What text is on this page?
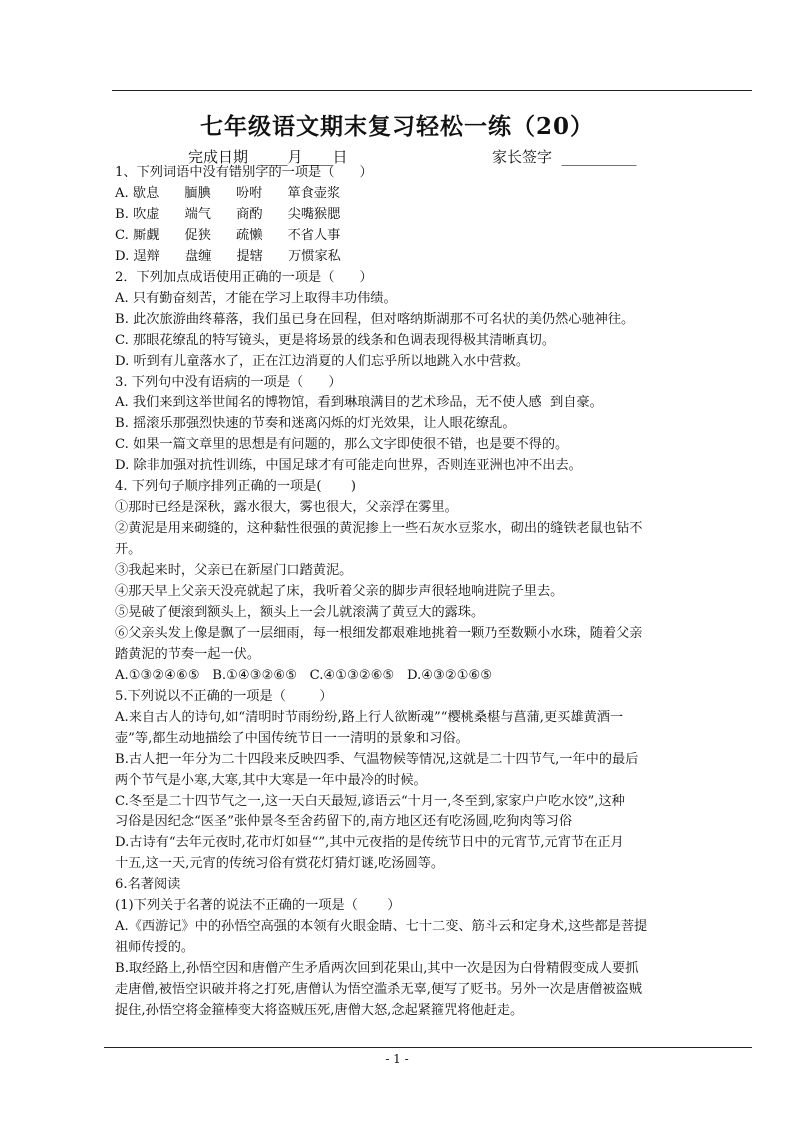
七年级语文期末复习轻松一练（20）
完成日期  ____月____日	家长签字  __________
1、下列词语中没有错别字的一项是（      ）
A. 歇息      腼腆      吩咐      箪食壶浆
B. 吹虚      端气      商酌      尖嘴猴腮
C. 厮觑      促狭      疏懒      不省人事
D. 逞辩      盘缠      提辖      万惯家私
2．下列加点成语使用正确的一项是（      ）
A. 只有勤奋刻苦，才能在学习上取得丰功伟绩。
B. 此次旅游曲终幕落，我们虽已身在回程，但对喀纳斯湖那不可名状的美仍然心驰神往。
C. 那眼花缭乱的特写镜头，更是将场景的线条和色调表现得极其清晰真切。
D. 听到有儿童落水了，正在江边消夏的人们忘乎所以地跳入水中营救。
3. 下列句中没有语病的一项是（      ）
A. 我们来到这举世闻名的博物馆，看到琳琅满目的艺术珍品，无不使人感  到自豪。
B. 摇滚乐那强烈快速的节奏和迷离闪烁的灯光效果，让人眼花缭乱。
C. 如果一篇文章里的思想是有问题的，那么文字即使很不错，也是要不得的。
D. 除非加强对抗性训练，中国足球才有可能走向世界，否则连亚洲也冲不出去。
4. 下列句子顺序排列正确的一项是(       )
①那时已经是深秋，露水很大，雾也很大，父亲浮在雾里。
②黄泥是用来砌缝的，这种黏性很强的黄泥掺上一些石灰水豆浆水，砌出的缝铁老鼠也钻不
开。
③我起来时，父亲已在新屋门口踏黄泥。
④那天早上父亲天没亮就起了床，我听着父亲的脚步声很轻地响进院子里去。
⑤晃破了便滚到额头上，额头上一会儿就滚满了黄豆大的露珠。
⑥父亲头发上像是飘了一层细雨，每一根细发都艰难地挑着一颗乃至数颗小水珠，随着父亲
踏黄泥的节奏一起一伏。
A.①③②④⑥⑤   B.①④③②⑥⑤   C.④①③②⑥⑤   D.④③②①⑥⑤
5.下列说以不正确的一项是（        ）
A.来自古人的诗句,如“清明时节雨纷纷,路上行人欲断魂”“樱桃桑椹与菖蒲,更买雄黄酒一
壶”等,都生动地描绘了中国传统节日一一清明的景象和习俗。
B.古人把一年分为二十四段来反映四季、气温物候等情况,这就是二十四节气,一年中的最后
两个节气是小寒,大寒,其中大寒是一年中最冷的时候。
C.冬至是二十四节气之一,这一天白天最短,谚语云“十月一,冬至到,家家户户吃水饺”,这种
习俗是因纪念“医圣”张仲景冬至舍药留下的,南方地区还有吃汤圆,吃狗肉等习俗
D.古诗有“去年元夜时,花市灯如昼“”,其中元夜指的是传统节日中的元宵节,元宵节在正月
十五,这一天,元宵的传统习俗有赏花灯猜灯谜,吃汤圆等。
6.名著阅读
(1)下列关于名著的说法不正确的一项是（       ）
A.《西游记》中的孙悟空高强的本领有火眼金睛、七十二变、筋斗云和定身术,这些都是菩提
祖师传授的。
B.取经路上,孙悟空因和唐僧产生矛盾两次回到花果山,其中一次是因为白骨精假变成人要抓
走唐僧,被悟空识破并将之打死,唐僧认为悟空滥杀无辜,便写了贬书。另外一次是唐僧被盗贼
捉住,孙悟空将金箍棒变大将盗贼压死,唐僧大怒,念起紧箍咒将他赶走。
- 1 -
